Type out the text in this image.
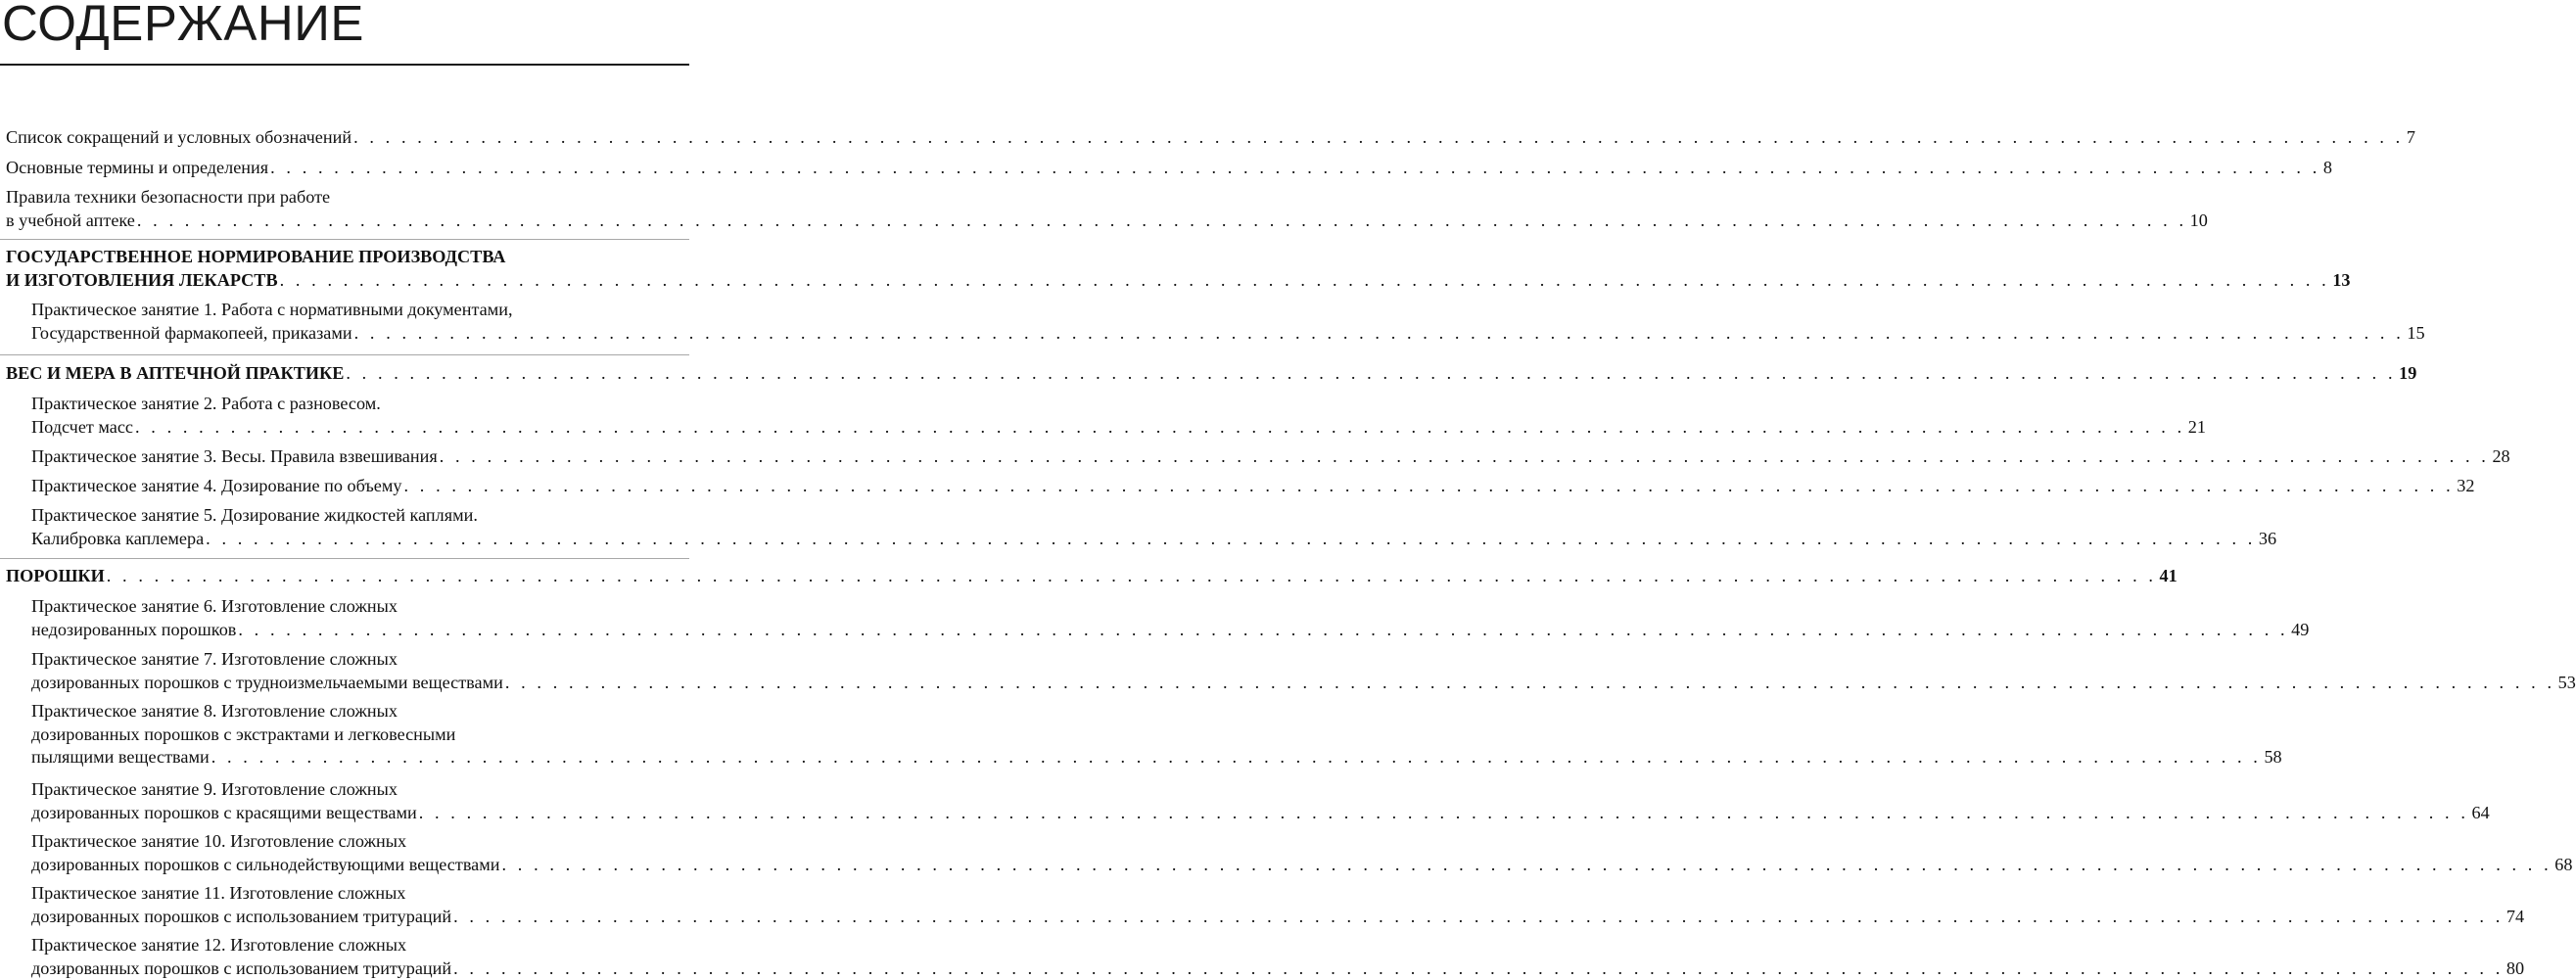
СОДЕРЖАНИЕ
Список сокращений и условных обозначений . . . . . . . . . . . . . . . . . . . . . . . . . . . . . . . . . . . . . . . . . . . . . . . . . . . . . . . . . . . . . . . . . . . . . . . . . . . . . . . . . . . . . . . . . . . . . . . . . . . . . . . . . . . . . . . . . . . . . . . . . . . . . . . . . 7
Основные термины и определения . . . . . . . . . . . . . . . . . . . . . . . . . . . . . . . . . . . . . . . . . . . . . . . . . . . . . . . . . . . . . . . . . . . . . . . . . . . . . . . . . . . . . . . . . . . . . . . . . . . . . . . . . . . . . . . . . . . . . . . . . . . . . . . . . 8
Правила техники безопасности при работе
в учебной аптеке . . . . . . . . . . . . . . . . . . . . . . . . . . . . . . . . . . . . . . . . . . . . . . . . . . . . . . . . . . . . . . . . . . . . . . . . . . . . . . . . . . . . . . . . . . . . . . . . . . . . . . . . . . . . . . . . . . . . . . . . . . . . . . . . . 10
ГОСУДАРСТВЕННОЕ НОРМИРОВАНИЕ ПРОИЗВОДСТВА
И ИЗГОТОВЛЕНИЯ ЛЕКАРСТВ . . . . . . . . . . . . . . . . . . . . . . . . . . . . . . . . . . . . . . . . . . . . . . . . . . . . . . . . . . . . . . . . . . . . . . . . . . . . . . . . . . . . . . . . . . . . . . . . . . . . . . . . . . . . . . . . . . . . . . . . . . . . . . . . . 13
Практическое занятие 1. Работа с нормативными документами,
Государственной фармакопеей, приказами . . . . . . . . . . . . . . . . . . . . . . . . . . . . . . . . . . . . . . . . . . . . . . . . . . . . . . . . . . . . . . . . . . . . . . . . . . . . . . . . . . . . . . . . . . . . . . . . . . . . . . . . . . . . . . . . . . . . . . . . . . . . . . . . . 15
ВЕС И МЕРА В АПТЕЧНОЙ ПРАКТИКЕ . . . . . . . . . . . . . . . . . . . . . . . . . . . . . . . . . . . . . . . . . . . . . . . . . . . . . . . . . . . . . . . . . . . . . . . . . . . . . . . . . . . . . . . . . . . . . . . . . . . . . . . . . . . . . . . . . . . . . . . . . . . . . . . . . 19
Практическое занятие 2. Работа с разновесом.
Подсчет масс . . . . . . . . . . . . . . . . . . . . . . . . . . . . . . . . . . . . . . . . . . . . . . . . . . . . . . . . . . . . . . . . . . . . . . . . . . . . . . . . . . . . . . . . . . . . . . . . . . . . . . . . . . . . . . . . . . . . . . . . . . . . . . . . . 21
Практическое занятие 3. Весы. Правила взвешивания . . . . . . . . . . . . . . . . . . . . . . . . . . . . . . . . . . . . . . . . . . . . . . . . . . . . . . . . . . . . . . . . . . . . . . . . . . . . . . . . . . . . . . . . . . . . . . . . . . . . . . . . . . . . . . . . . . . . . . . . . . . . . . . . . 28
Практическое занятие 4. Дозирование по объему . . . . . . . . . . . . . . . . . . . . . . . . . . . . . . . . . . . . . . . . . . . . . . . . . . . . . . . . . . . . . . . . . . . . . . . . . . . . . . . . . . . . . . . . . . . . . . . . . . . . . . . . . . . . . . . . . . . . . . . . . . . . . . . . . 32
Практическое занятие 5. Дозирование жидкостей каплями.
Калибровка каплемера . . . . . . . . . . . . . . . . . . . . . . . . . . . . . . . . . . . . . . . . . . . . . . . . . . . . . . . . . . . . . . . . . . . . . . . . . . . . . . . . . . . . . . . . . . . . . . . . . . . . . . . . . . . . . . . . . . . . . . . . . . . . . . . . . 36
ПОРОШКИ . . . . . . . . . . . . . . . . . . . . . . . . . . . . . . . . . . . . . . . . . . . . . . . . . . . . . . . . . . . . . . . . . . . . . . . . . . . . . . . . . . . . . . . . . . . . . . . . . . . . . . . . . . . . . . . . . . . . . . . . . . . . . . . . . 41
Практическое занятие 6. Изготовление сложных
недозированных порошков . . . . . . . . . . . . . . . . . . . . . . . . . . . . . . . . . . . . . . . . . . . . . . . . . . . . . . . . . . . . . . . . . . . . . . . . . . . . . . . . . . . . . . . . . . . . . . . . . . . . . . . . . . . . . . . . . . . . . . . . . . . . . . . . . 49
Практическое занятие 7. Изготовление сложных
дозированных порошков с трудноизмельчаемыми веществами . . . . . . . . . . . . . . . . . . . . . . . . . . . . . . . . . . . . . . . . . . . . . . . . . . . . . . . . . . . . . . . . . . . . . . . . . . . . . . . . . . . . . . . . . . . . . . . . . . . . . . . . . . . . . . . . . . . . . . . . . . . . . . . . . 53
Практическое занятие 8. Изготовление сложных
дозированных порошков с экстрактами и легковесными
пылящими веществами . . . . . . . . . . . . . . . . . . . . . . . . . . . . . . . . . . . . . . . . . . . . . . . . . . . . . . . . . . . . . . . . . . . . . . . . . . . . . . . . . . . . . . . . . . . . . . . . . . . . . . . . . . . . . . . . . . . . . . . . . . . . . . . . . 58
Практическое занятие 9. Изготовление сложных
дозированных порошков с красящими веществами . . . . . . . . . . . . . . . . . . . . . . . . . . . . . . . . . . . . . . . . . . . . . . . . . . . . . . . . . . . . . . . . . . . . . . . . . . . . . . . . . . . . . . . . . . . . . . . . . . . . . . . . . . . . . . . . . . . . . . . . . . . . . . . . . 64
Практическое занятие 10. Изготовление сложных
дозированных порошков с сильнодействующими веществами . . . . . . . . . . . . . . . . . . . . . . . . . . . . . . . . . . . . . . . . . . . . . . . . . . . . . . . . . . . . . . . . . . . . . . . . . . . . . . . . . . . . . . . . . . . . . . . . . . . . . . . . . . . . . . . . . . . . . . . . . . . . . . . . . 68
Практическое занятие 11. Изготовление сложных
дозированных порошков с использованием тритураций . . . . . . . . . . . . . . . . . . . . . . . . . . . . . . . . . . . . . . . . . . . . . . . . . . . . . . . . . . . . . . . . . . . . . . . . . . . . . . . . . . . . . . . . . . . . . . . . . . . . . . . . . . . . . . . . . . . . . . . . . . . . . . . . . 74
Практическое занятие 12. Изготовление сложных
дозированных порошков с использованием тритураций . . . . . . . . . . . . . . . . . . . . . . . . . . . . . . . . . . . . . . . . . . . . . . . . . . . . . . . . . . . . . . . . . . . . . . . . . . . . . . . . . . . . . . . . . . . . . . . . . . . . . . . . . . . . . . . . . . . . . . . . . . . . . . . . . 80
